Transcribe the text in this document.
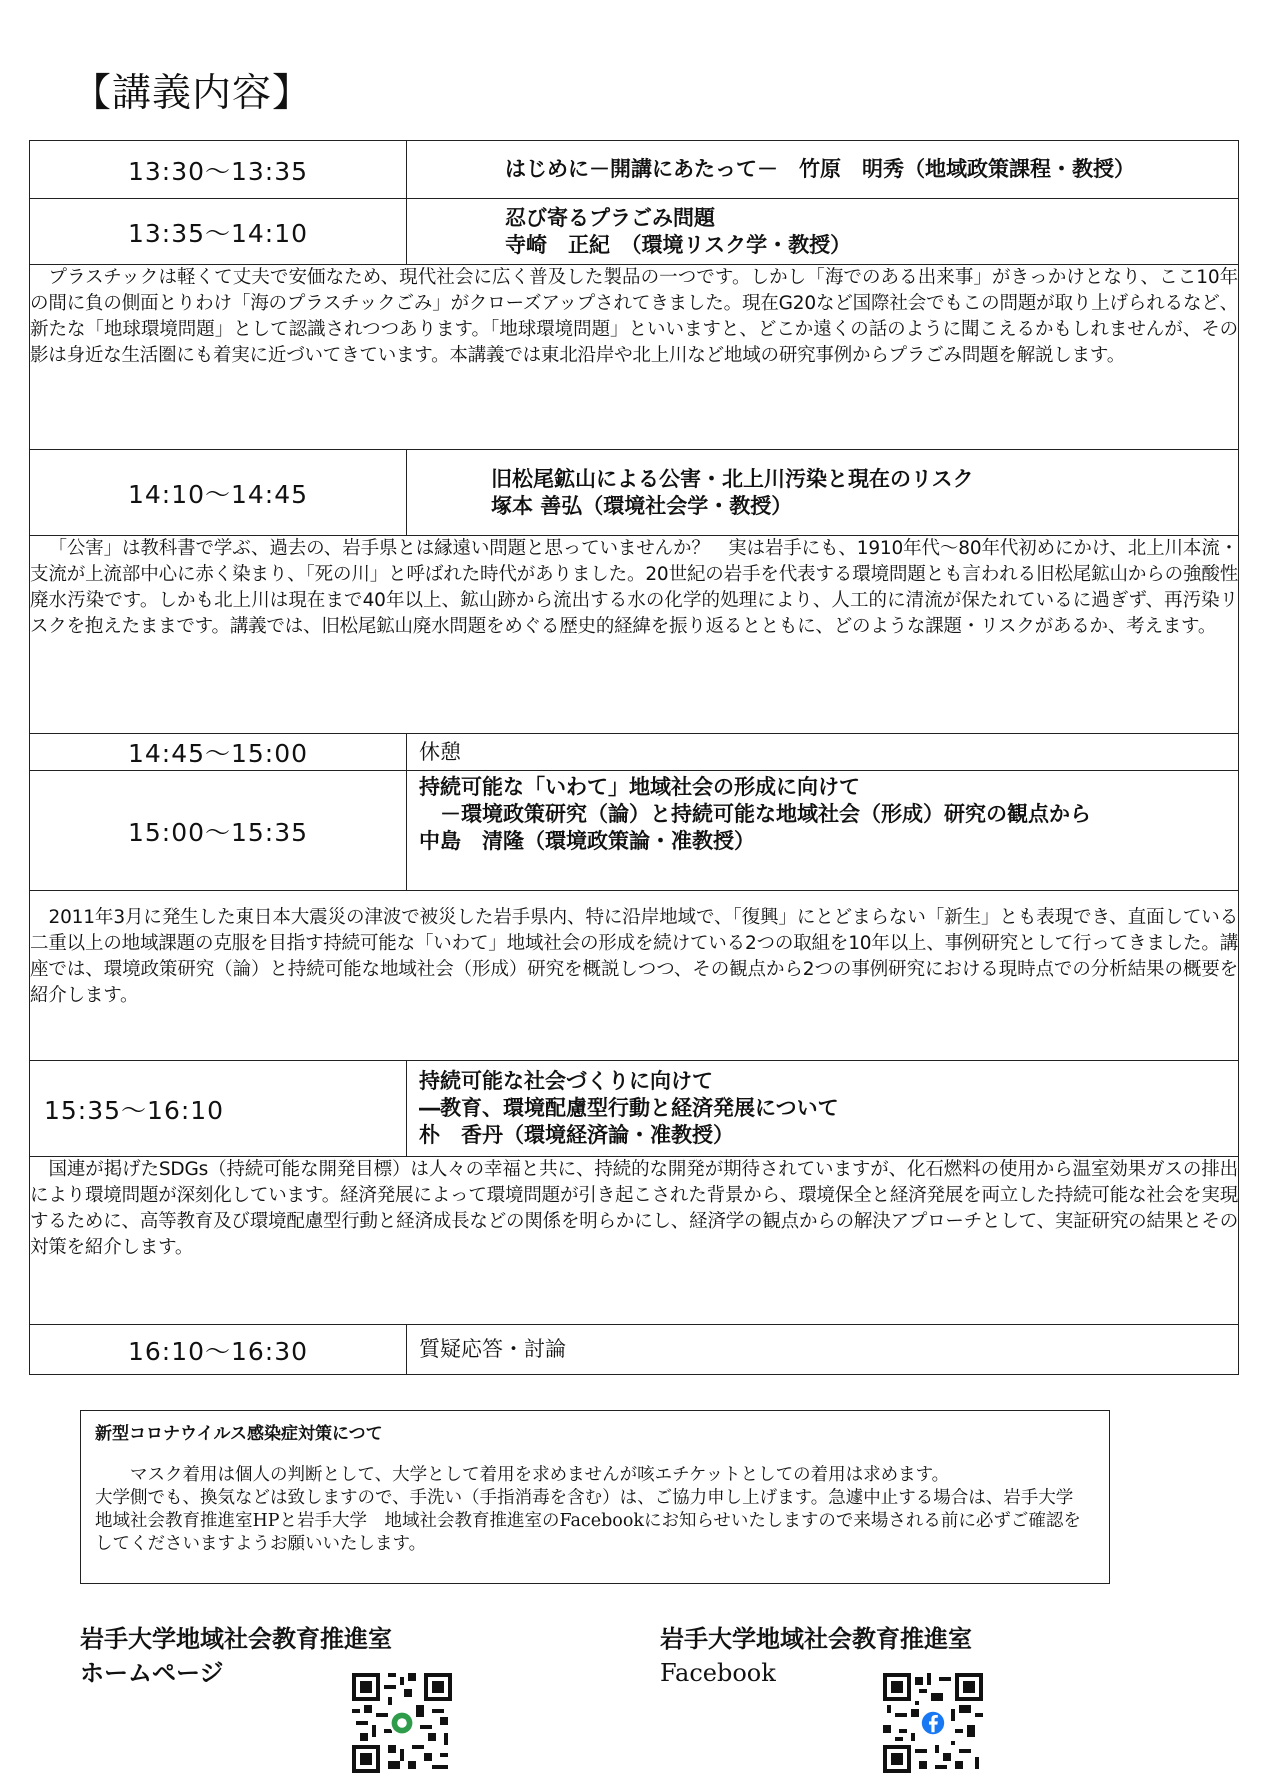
【講義内容】
13:30～13:35	はじめに－開講にあたって－　竹原　明秀（地域政策課程・教授）

13:35～14:10	忍び寄るプラごみ問題
寺崎　正紀　（環境リスク学・教授）

プラスチックは軽くて丈夫で安価なため、現代社会に広く普及した製品の一つです。しかし「海でのある出来事」がきっかけとなり、ここ10年の間に負の側面とりわけ「海のプラスチックごみ」がクローズアップされてきました。現在G20など国際社会でもこの問題が取り上げられるなど、新たな「地球環境問題」として認識されつつあります。「地球環境問題」といいますと、どこか遠くの話のように聞こえるかもしれませんが、その影は身近な生活圏にも着実に近づいてきています。本講義では東北沿岸や北上川など地域の研究事例からプラごみ問題を解説します。	

14:10～14:45	旧松尾鉱山による公害・北上川汚染と現在のリスク
塚本 善弘（環境社会学・教授）

「公害」は教科書で学ぶ、過去の、岩手県とは縁遠い問題と思っていませんか？　実は岩手にも、1910年代～80年代初めにかけ、北上川本流・支流が上流部中心に赤く染まり、「死の川」と呼ばれた時代がありました。20世紀の岩手を代表する環境問題とも言われる旧松尾鉱山からの強酸性廃水汚染です。しかも北上川は現在まで40年以上、鉱山跡から流出する水の化学的処理により、人工的に清流が保たれているに過ぎず、再汚染リスクを抱えたままです。講義では、旧松尾鉱山廃水問題をめぐる歴史的経緯を振り返るとともに、どのような課題・リスクがあるか、考えます。	

14:45～15:00	休憩

15:00～15:35	持続可能な「いわて」地域社会の形成に向けて
　－環境政策研究（論）と持続可能な地域社会（形成）研究の観点から
中島　清隆（環境政策論・准教授）

2011年3月に発生した東日本大震災の津波で被災した岩手県内、特に沿岸地域で、「復興」にとどまらない「新生」とも表現でき、直面している二重以上の地域課題の克服を目指す持続可能な「いわて」地域社会の形成を続けている2つの取組を10年以上、事例研究として行ってきました。講座では、環境政策研究（論）と持続可能な地域社会（形成）研究を概説しつつ、その観点から2つの事例研究における現時点での分析結果の概要を紹介します。	

15:35～16:10	持続可能な社会づくりに向けて
―教育、環境配慮型行動と経済発展について
朴　香丹（環境経済論・准教授）

国連が掲げたSDGs（持続可能な開発目標）は人々の幸福と共に、持続的な開発が期待されていますが、化石燃料の使用から温室効果ガスの排出により環境問題が深刻化しています。経済発展によって環境問題が引き起こされた背景から、環境保全と経済発展を両立した持続可能な社会を実現するために、高等教育及び環境配慮型行動と経済成長などの関係を明らかにし、経済学の観点からの解決アプローチとして、実証研究の結果とその対策を紹介します。	

16:10～16:30	質疑応答・討論
新型コロナウイルス感染症対策につて

マスク着用は個人の判断として、大学として着用を求めませんが咳エチケットとしての着用は求めます。

大学側でも、換気などは致しますので、手洗い（手指消毒を含む）は、ご協力申し上げます。急遽中止する場合は、岩手大学　地域社会教育推進室HPと岩手大学　地域社会教育推進室のFacebookにお知らせいたしますので来場される前に必ずご確認をしてくださいますようお願いいたします。

岩手大学地域社会教育推進室
ホームページ
岩手大学地域社会教育推進室
Facebook
